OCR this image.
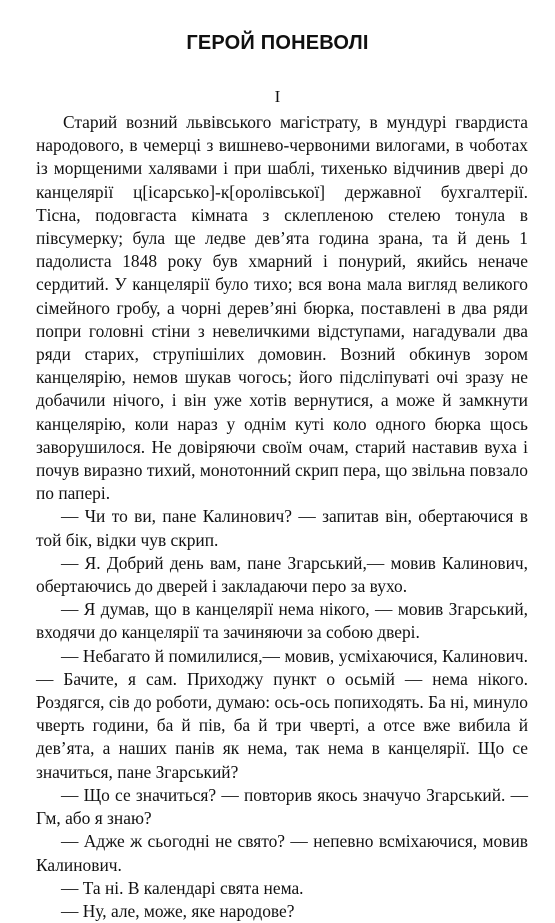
ГЕРОЙ ПОНЕВОЛІ
I

Старий возний львівського магістрату, в мундурі гвардиста народового, в чемерці з вишнево-червоними вилогами, в чоботах із морщеними халявами і при шаблі, тихенько відчинив двері до канцелярії ц[ісарсько]-к[оролівської] державної бухгалтерії. Тісна, подовгаста кімната з склепленою стелею тонула в півсумерку; була ще ледве дев’ята година зрана, та й день 1 падолиста 1848 року був хмарний і понурий, якийсь неначе сердитий. У канцелярії було тихо; вся вона мала вигляд великого сімейного гробу, а чорні дерев’яні бюрка, поставлені в два ряди попри головні стіни з невеличкими відступами, нагадували два ряди старих, струпішілих домовин. Возний обкинув зором канцелярію, немов шукав чогось; його підсліпуваті очі зразу не добачили нічого, і він уже хотів вернутися, а може й замкнути канцелярію, коли нараз у однім куті коло одного бюрка щось заворушилося. Не довіряючи своїм очам, старий наставив вуха і почув виразно тихий, монотонний скрип пера, що звільна повзало по папері.

— Чи то ви, пане Калинович? — запитав він, обертаючися в той бік, відки чув скрип.

— Я. Добрий день вам, пане Згарський,— мовив Калинович, обертаючись до дверей і закладаючи перо за вухо.

— Я думав, що в канцелярії нема нікого, — мовив Згарський, входячи до канцелярії та зачиняючи за собою двері.

— Небагато й помилилися,— мовив, усміхаючися, Калинович.— Бачите, я сам. Приходжу пункт о осьмій — нема нікого. Роздягся, сів до роботи, думаю: ось-ось попиходять. Ба ні, минуло чверть години, ба й пів, ба й три чверті, а отсе вже вибила й дев’ята, а наших панів як нема, так нема в канцелярії. Що се значиться, пане Згарський?

— Що се значиться? — повторив якось значучо Згарський. — Гм, або я знаю?

— Адже ж сьогодні не свято? — непевно всміхаючися, мовив Калинович.

— Та ні. В календарі свята нема.

— Ну, але, може, яке народове?
